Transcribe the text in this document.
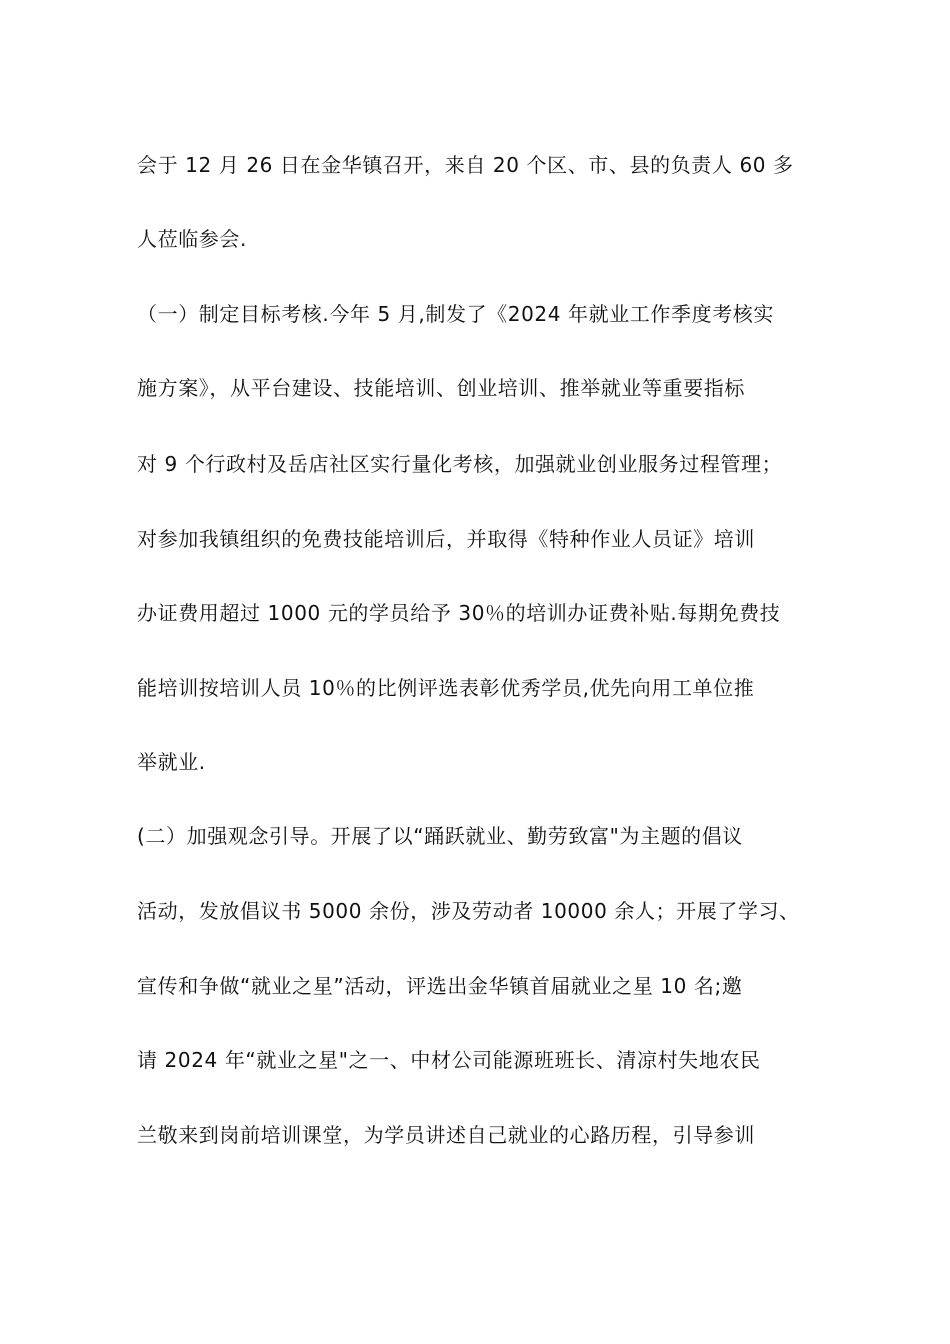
会于 12 月 26 日在金华镇召开，来自 20 个区、市、县的负责人 60 多
人莅临参会.
（一）制定目标考核.今年 5 月,制发了《2024 年就业工作季度考核实
施方案》，从平台建设、技能培训、创业培训、推举就业等重要指标
对 9 个行政村及岳店社区实行量化考核，加强就业创业服务过程管理；
对参加我镇组织的免费技能培训后，并取得《特种作业人员证》培训
办证费用超过 1000 元的学员给予 30％的培训办证费补贴.每期免费技
能培训按培训人员 10％的比例评选表彰优秀学员,优先向用工单位推
举就业.
(二）加强观念引导。开展了以“踊跃就业、勤劳致富"为主题的倡议
活动，发放倡议书 5000 余份，涉及劳动者 10000 余人；开展了学习、
宣传和争做“就业之星”活动，评选出金华镇首届就业之星 10 名;邀
请 2024 年“就业之星"之一、中材公司能源班班长、清凉村失地农民
兰敬来到岗前培训课堂，为学员讲述自己就业的心路历程，引导参训
